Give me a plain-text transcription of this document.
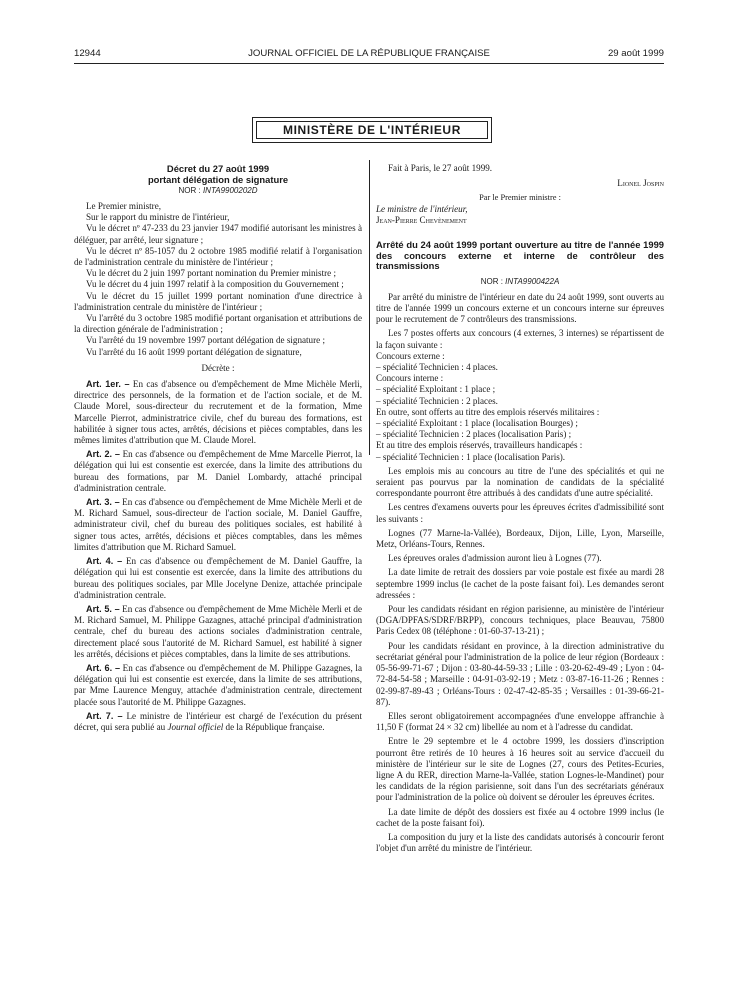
12944	JOURNAL OFFICIEL DE LA RÉPUBLIQUE FRANÇAISE	29 août 1999
MINISTÈRE DE L'INTÉRIEUR
Décret du 27 août 1999
portant délégation de signature
NOR : INTA9900202D

Le Premier ministre,

Sur le rapport du ministre de l'intérieur,

Vu le décret nº 47-233 du 23 janvier 1947 modifié autorisant les ministres à déléguer, par arrêté, leur signature ;

Vu le décret nº 85-1057 du 2 octobre 1985 modifié relatif à l'organisation de l'administration centrale du ministère de l'intérieur ;

Vu le décret du 2 juin 1997 portant nomination du Premier ministre ;

Vu le décret du 4 juin 1997 relatif à la composition du Gouvernement ;

Vu le décret du 15 juillet 1999 portant nomination d'une directrice à l'administration centrale du ministère de l'intérieur ;

Vu l'arrêté du 3 octobre 1985 modifié portant organisation et attributions de la direction générale de l'administration ;

Vu l'arrêté du 19 novembre 1997 portant délégation de signature ;

Vu l'arrêté du 16 août 1999 portant délégation de signature,

Décrète :

Art. 1er. – En cas d'absence ou d'empêchement de Mme Michèle Merli, directrice des personnels, de la formation et de l'action sociale, et de M. Claude Morel, sous-directeur du recrutement et de la formation, Mme Marcelle Pierrot, administratrice civile, chef du bureau des formations, est habilitée à signer tous actes, arrêtés, décisions et pièces comptables, dans les mêmes limites d'attribution que M. Claude Morel.

Art. 2. – En cas d'absence ou d'empêchement de Mme Marcelle Pierrot, la délégation qui lui est consentie est exercée, dans la limite des attributions du bureau des formations, par M. Daniel Lombardy, attaché principal d'administration centrale.

Art. 3. – En cas d'absence ou d'empêchement de Mme Michèle Merli et de M. Richard Samuel, sous-directeur de l'action sociale, M. Daniel Gauffre, administrateur civil, chef du bureau des politiques sociales, est habilité à signer tous actes, arrêtés, décisions et pièces comptables, dans les mêmes limites d'attribution que M. Richard Samuel.

Art. 4. – En cas d'absence ou d'empêchement de M. Daniel Gauffre, la délégation qui lui est consentie est exercée, dans la limite des attributions du bureau des politiques sociales, par Mlle Jocelyne Denize, attachée principale d'administration centrale.

Art. 5. – En cas d'absence ou d'empêchement de Mme Michèle Merli et de M. Richard Samuel, M. Philippe Gazagnes, attaché principal d'administration centrale, chef du bureau des actions sociales d'administration centrale, directement placé sous l'autorité de M. Richard Samuel, est habilité à signer les arrêtés, décisions et pièces comptables, dans la limite de ses attributions.

Art. 6. – En cas d'absence ou d'empêchement de M. Philippe Gazagnes, la délégation qui lui est consentie est exercée, dans la limite de ses attributions, par Mme Laurence Menguy, attachée d'administration centrale, directement placée sous l'autorité de M. Philippe Gazagnes.

Art. 7. – Le ministre de l'intérieur est chargé de l'exécution du présent décret, qui sera publié au Journal officiel de la République française.

Fait à Paris, le 27 août 1999.

Lionel Jospin

Par le Premier ministre :

Le ministre de l'intérieur,

Jean-Pierre Chevènement

Arrêté du 24 août 1999 portant ouverture au titre de l'année 1999 des concours externe et interne de contrôleur des transmissions
NOR : INTA9900422A

Par arrêté du ministre de l'intérieur en date du 24 août 1999, sont ouverts au titre de l'année 1999 un concours externe et un concours interne sur épreuves pour le recrutement de 7 contrôleurs des transmissions.

Les 7 postes offerts aux concours (4 externes, 3 internes) se répartissent de la façon suivante :

Concours externe :

– spécialité Technicien : 4 places.

Concours interne :

– spécialité Exploitant : 1 place ;

– spécialité Technicien : 2 places.

En outre, sont offerts au titre des emplois réservés militaires :

– spécialité Exploitant : 1 place (localisation Bourges) ;

– spécialité Technicien : 2 places (localisation Paris) ;

Et au titre des emplois réservés, travailleurs handicapés :

– spécialité Technicien : 1 place (localisation Paris).

Les emplois mis au concours au titre de l'une des spécialités et qui ne seraient pas pourvus par la nomination de candidats de la spécialité correspondante pourront être attribués à des candidats d'une autre spécialité.

Les centres d'examens ouverts pour les épreuves écrites d'admissibilité sont les suivants :

Lognes (77 Marne-la-Vallée), Bordeaux, Dijon, Lille, Lyon, Marseille, Metz, Orléans-Tours, Rennes.

Les épreuves orales d'admission auront lieu à Lognes (77).

La date limite de retrait des dossiers par voie postale est fixée au mardi 28 septembre 1999 inclus (le cachet de la poste faisant foi). Les demandes seront adressées :

Pour les candidats résidant en région parisienne, au ministère de l'intérieur (DGA/DPFAS/SDRF/BRPP), concours techniques, place Beauvau, 75800 Paris Cedex 08 (téléphone : 01-60-37-13-21) ;

Pour les candidats résidant en province, à la direction administrative du secrétariat général pour l'administration de la police de leur région (Bordeaux : 05-56-99-71-67 ; Dijon : 03-80-44-59-33 ; Lille : 03-20-62-49-49 ; Lyon : 04-72-84-54-58 ; Marseille : 04-91-03-92-19 ; Metz : 03-87-16-11-26 ; Rennes : 02-99-87-89-43 ; Orléans-Tours : 02-47-42-85-35 ; Versailles : 01-39-66-21-87).

Elles seront obligatoirement accompagnées d'une enveloppe affranchie à 11,50 F (format 24 × 32 cm) libellée au nom et à l'adresse du candidat.

Entre le 29 septembre et le 4 octobre 1999, les dossiers d'inscription pourront être retirés de 10 heures à 16 heures soit au service d'accueil du ministère de l'intérieur sur le site de Lognes (27, cours des Petites-Ecuries, ligne A du RER, direction Marne-la-Vallée, station Lognes-le-Mandinet) pour les candidats de la région parisienne, soit dans l'un des secrétariats généraux pour l'administration de la police où doivent se dérouler les épreuves écrites.

La date limite de dépôt des dossiers est fixée au 4 octobre 1999 inclus (le cachet de la poste faisant foi).

La composition du jury et la liste des candidats autorisés à concourir feront l'objet d'un arrêté du ministre de l'intérieur.
